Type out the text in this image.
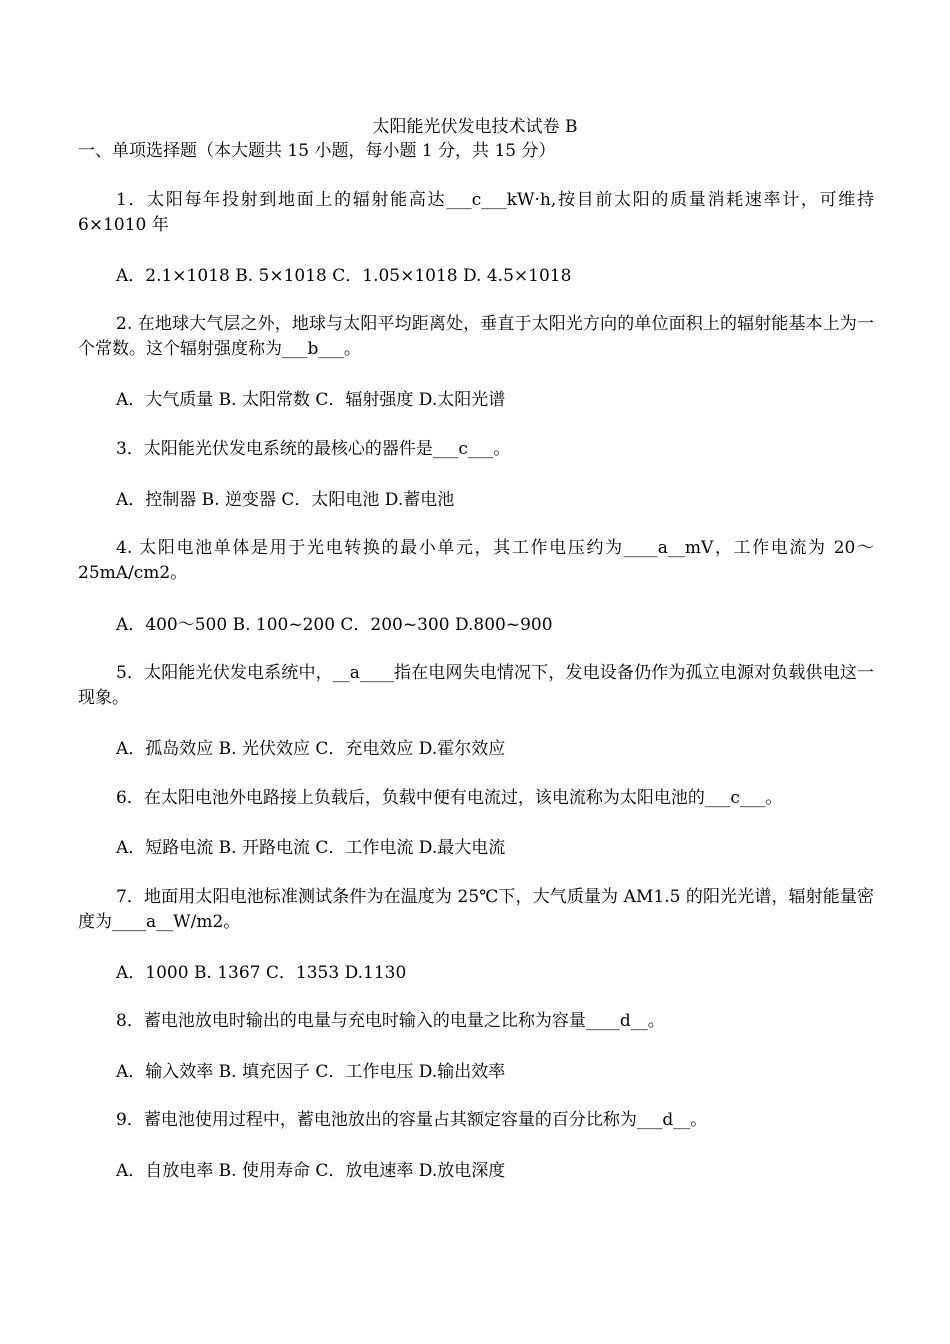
太阳能光伏发电技术试卷 B
一、单项选择题（本大题共 15 小题，每小题 1 分，共 15 分）
1．太阳每年投射到地面上的辐射能高达___c___kW·h,按目前太阳的质量消耗速率计，可维持 6×1010 年
A．2.1×1018 B. 5×1018 C．1.05×1018 D. 4.5×1018
2. 在地球大气层之外，地球与太阳平均距离处，垂直于太阳光方向的单位面积上的辐射能基本上为一个常数。这个辐射强度称为___b___。
A．大气质量 B. 太阳常数 C．辐射强度 D.太阳光谱
3．太阳能光伏发电系统的最核心的器件是___c___。
A．控制器 B. 逆变器 C．太阳电池 D.蓄电池
4. 太阳电池单体是用于光电转换的最小单元，其工作电压约为____a__mV，工作电流为 20～25mA/cm2。
A．400～500 B. 100~200 C．200~300 D.800~900
5．太阳能光伏发电系统中，__a____指在电网失电情况下，发电设备仍作为孤立电源对负载供电这一现象。
A．孤岛效应 B. 光伏效应 C．充电效应 D.霍尔效应
6．在太阳电池外电路接上负载后，负载中便有电流过，该电流称为太阳电池的___c___。
A．短路电流 B. 开路电流 C．工作电流 D.最大电流
7．地面用太阳电池标准测试条件为在温度为 25℃下，大气质量为 AM1.5 的阳光光谱，辐射能量密度为____a__W/m2。
A．1000 B. 1367 C．1353 D.1130
8．蓄电池放电时输出的电量与充电时输入的电量之比称为容量____d__。
A．输入效率 B. 填充因子 C．工作电压 D.输出效率
9．蓄电池使用过程中，蓄电池放出的容量占其额定容量的百分比称为___d__。
A．自放电率 B. 使用寿命 C．放电速率 D.放电深度
